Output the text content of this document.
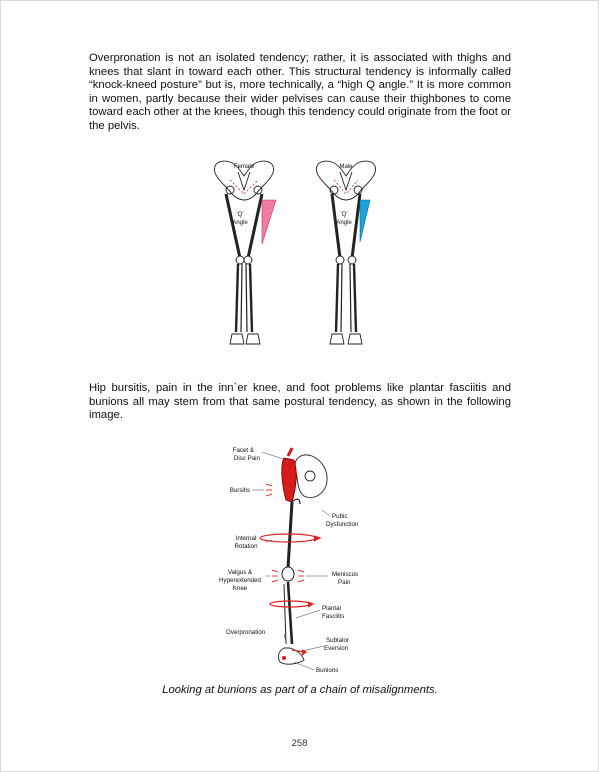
Overpronation is not an isolated tendency; rather, it is associated with thighs and knees that slant in toward each other. This structural tendency is informally called “knock-kneed posture” but is, more technically, a “high Q angle.” It is more common in women, partly because their wider pelvises can cause their thighbones to come toward each other at the knees, though this tendency could originate from the foot or the pelvis.

Female
'Q'
Angle
Male
'Q'
Angle

Hip bursitis, pain in the inn`er knee, and foot problems like plantar fasciitis and bunions all may stem from that same postural tendency, as shown in the following image.

Facet &
Disc Pain
Bursitis
Pubic
Dysfunction
Internal
Rotation
Valgus &
Hyperextended
Knee
Meniscus
Pain
Plantar
Fasciitis
Overpronation
Subtalor
Eversion
Bunions
Looking at bunions as part of a chain of misalignments.
258
